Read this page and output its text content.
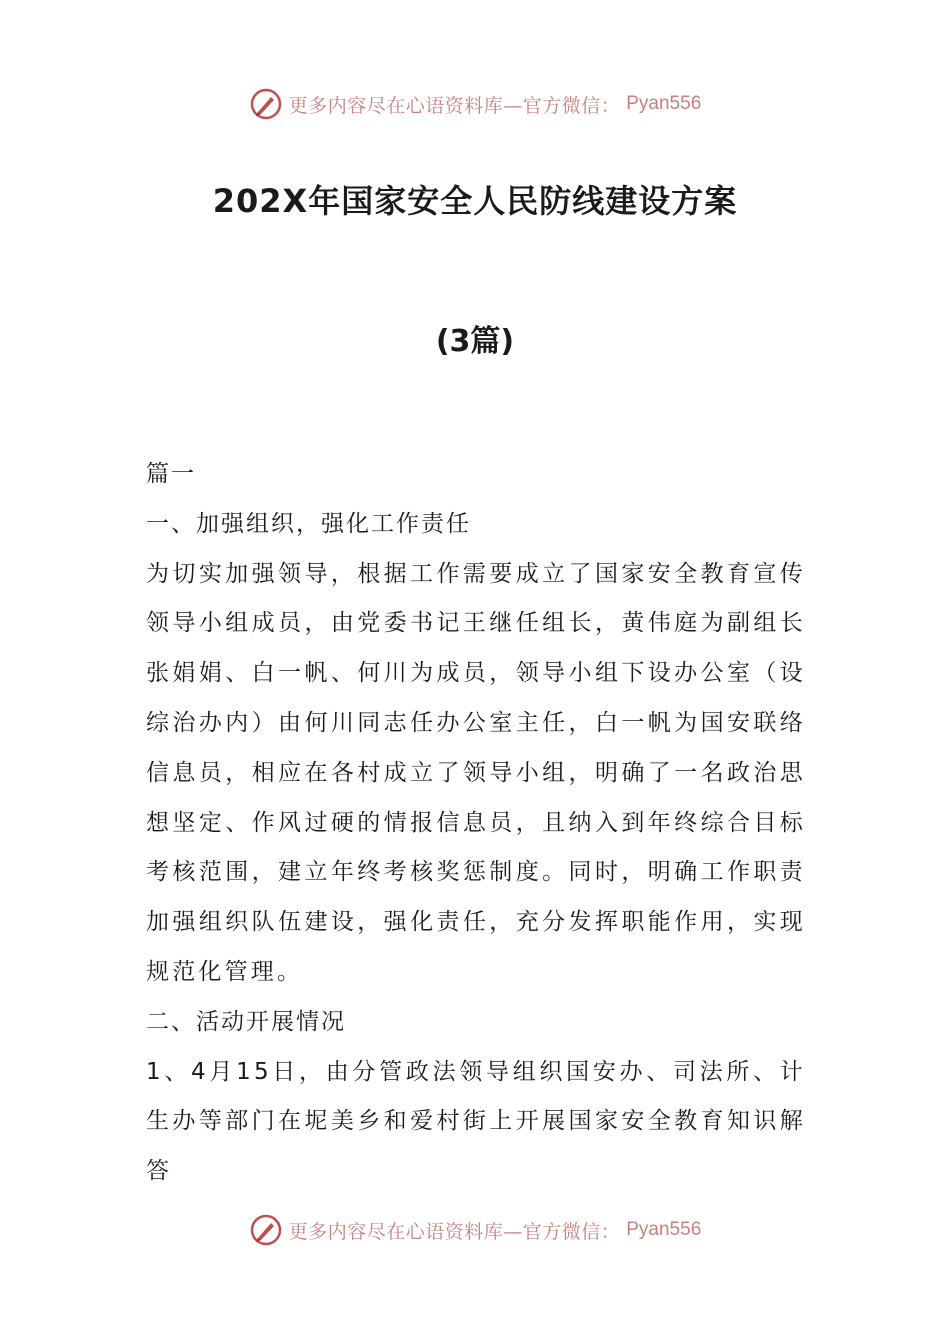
更多内容尽在心语资料库—官方微信： Pyan556
202X年国家安全人民防线建设方案
(3篇)

篇一

一、加强组织，强化工作责任

为切实加强领导，根据工作需要成立了国家安全教育宣传领导小组成员，由党委书记王继任组长，黄伟庭为副组长张娟娟、白一帆、何川为成员，领导小组下设办公室（设综治办内）由何川同志任办公室主任，白一帆为国安联络信息员，相应在各村成立了领导小组，明确了一名政治思想坚定、作风过硬的情报信息员，且纳入到年终综合目标考核范围，建立年终考核奖惩制度。同时，明确工作职责加强组织队伍建设，强化责任，充分发挥职能作用，实现规范化管理。

二、活动开展情况

1、4月15日，由分管政法领导组织国安办、司法所、计生办等部门在坭美乡和爱村街上开展国家安全教育知识解答

更多内容尽在心语资料库—官方微信： Pyan556
